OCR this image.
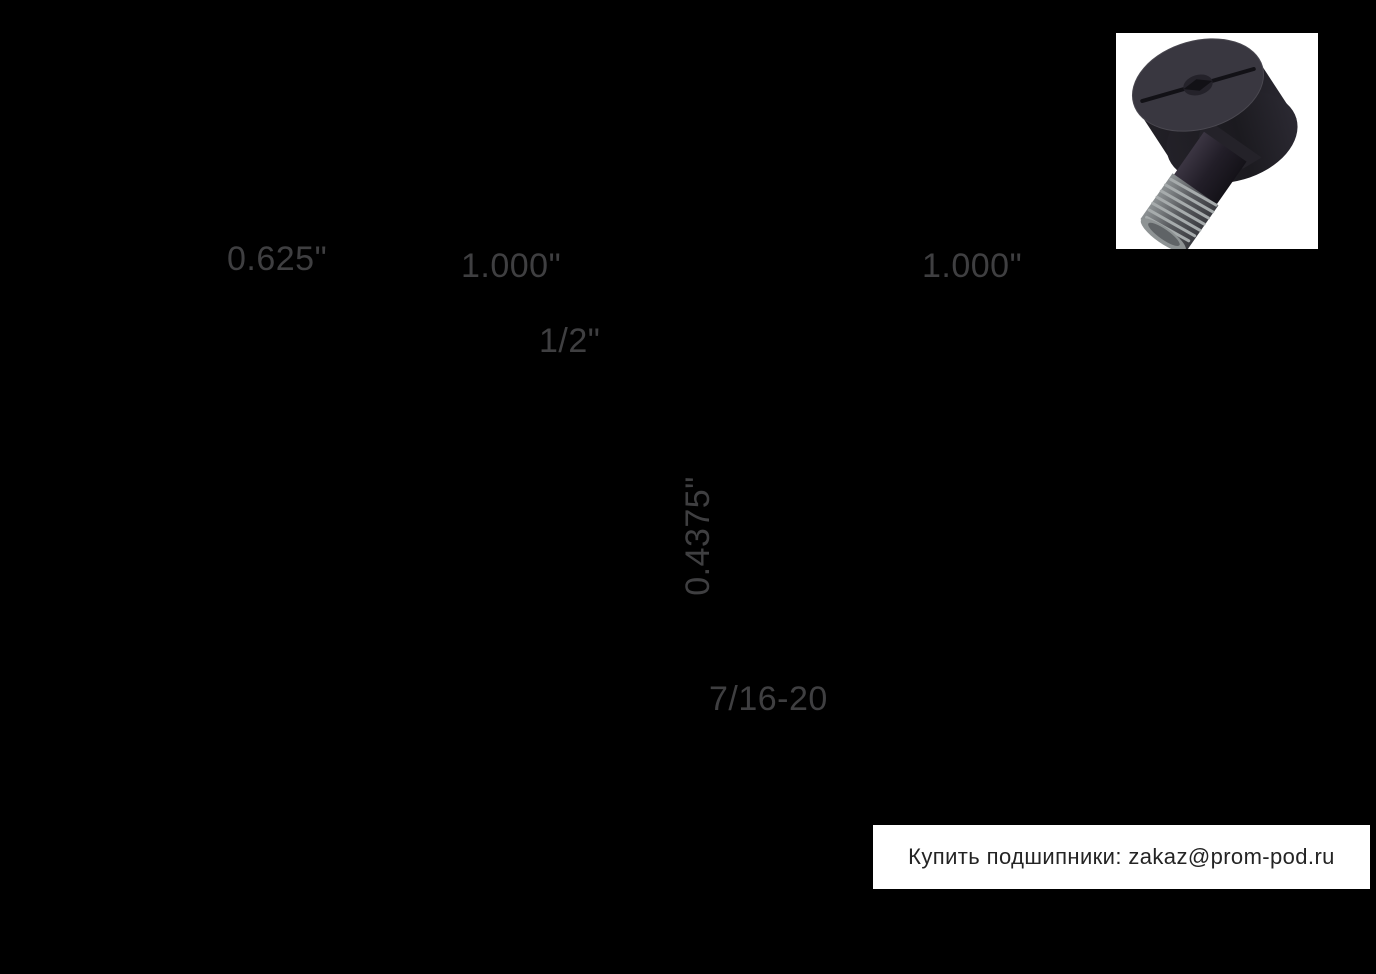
0.625"	1.000"
1/2"
1.000"
0.4375"
7/16-20
Купить подшипники: zakaz@prom-pod.ru
